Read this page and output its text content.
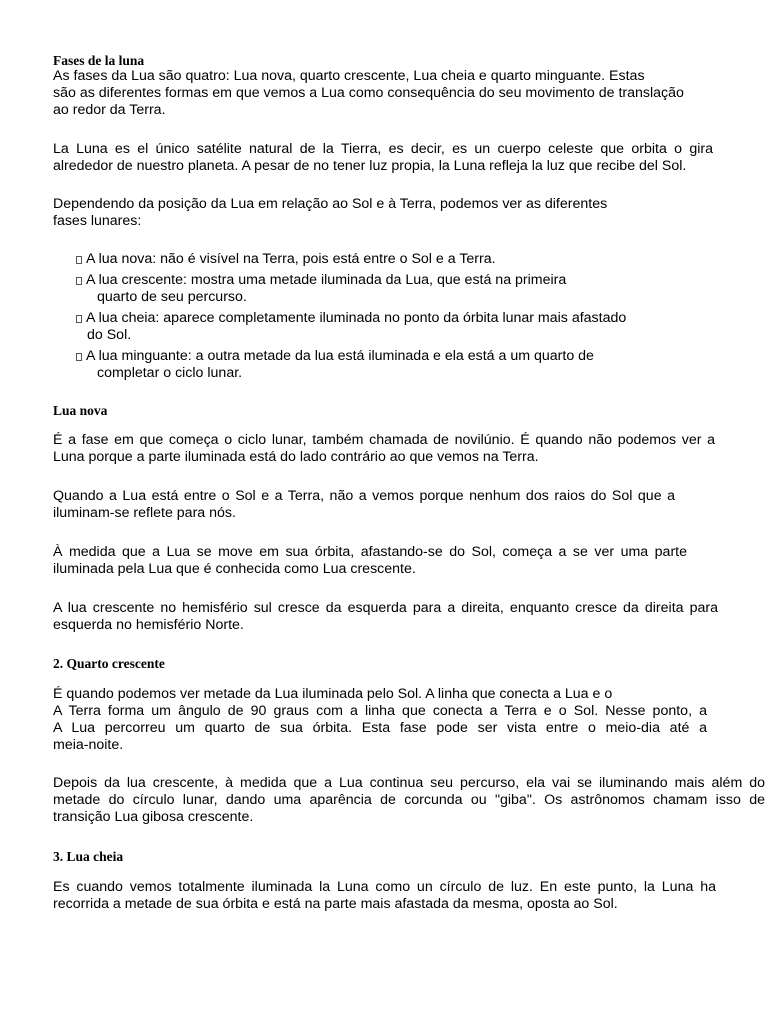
Fases de la luna
As fases da Lua são quatro: Lua nova, quarto crescente, Lua cheia e quarto minguante. Estas
são as diferentes formas em que vemos a Lua como consequência do seu movimento de translação
ao redor da Terra.
La Luna es el único satélite natural de la Tierra, es decir, es un cuerpo celeste que orbita o gira
alrededor de nuestro planeta. A pesar de no tener luz propia, la Luna refleja la luz que recibe del Sol.
Dependendo da posição da Lua em relação ao Sol e à Terra, podemos ver as diferentes
fases lunares:
A lua nova: não é visível na Terra, pois está entre o Sol e a Terra.
A lua crescente: mostra uma metade iluminada da Lua, que está na primeira
quarto de seu percurso.
A lua cheia: aparece completamente iluminada no ponto da órbita lunar mais afastado
do Sol.
A lua minguante: a outra metade da lua está iluminada e ela está a um quarto de
completar o ciclo lunar.
Lua nova
É a fase em que começa o ciclo lunar, também chamada de novilúnio. É quando não podemos ver a
Luna porque a parte iluminada está do lado contrário ao que vemos na Terra.
Quando a Lua está entre o Sol e a Terra, não a vemos porque nenhum dos raios do Sol que a
iluminam-se reflete para nós.
À medida que a Lua se move em sua órbita, afastando-se do Sol, começa a se ver uma parte
iluminada pela Lua que é conhecida como Lua crescente.
A lua crescente no hemisfério sul cresce da esquerda para a direita, enquanto cresce da direita para
esquerda no hemisfério Norte.
2. Quarto crescente
É quando podemos ver metade da Lua iluminada pelo Sol. A linha que conecta a Lua e o
A Terra forma um ângulo de 90 graus com a linha que conecta a Terra e o Sol. Nesse ponto, a
A Lua percorreu um quarto de sua órbita. Esta fase pode ser vista entre o meio-dia até a
meia-noite.
Depois da lua crescente, à medida que a Lua continua seu percurso, ela vai se iluminando mais além do
metade do círculo lunar, dando uma aparência de corcunda ou "giba". Os astrônomos chamam isso de
transição Lua gibosa crescente.
3. Lua cheia
Es cuando vemos totalmente iluminada la Luna como un círculo de luz. En este punto, la Luna ha
recorrida a metade de sua órbita e está na parte mais afastada da mesma, oposta ao Sol.
